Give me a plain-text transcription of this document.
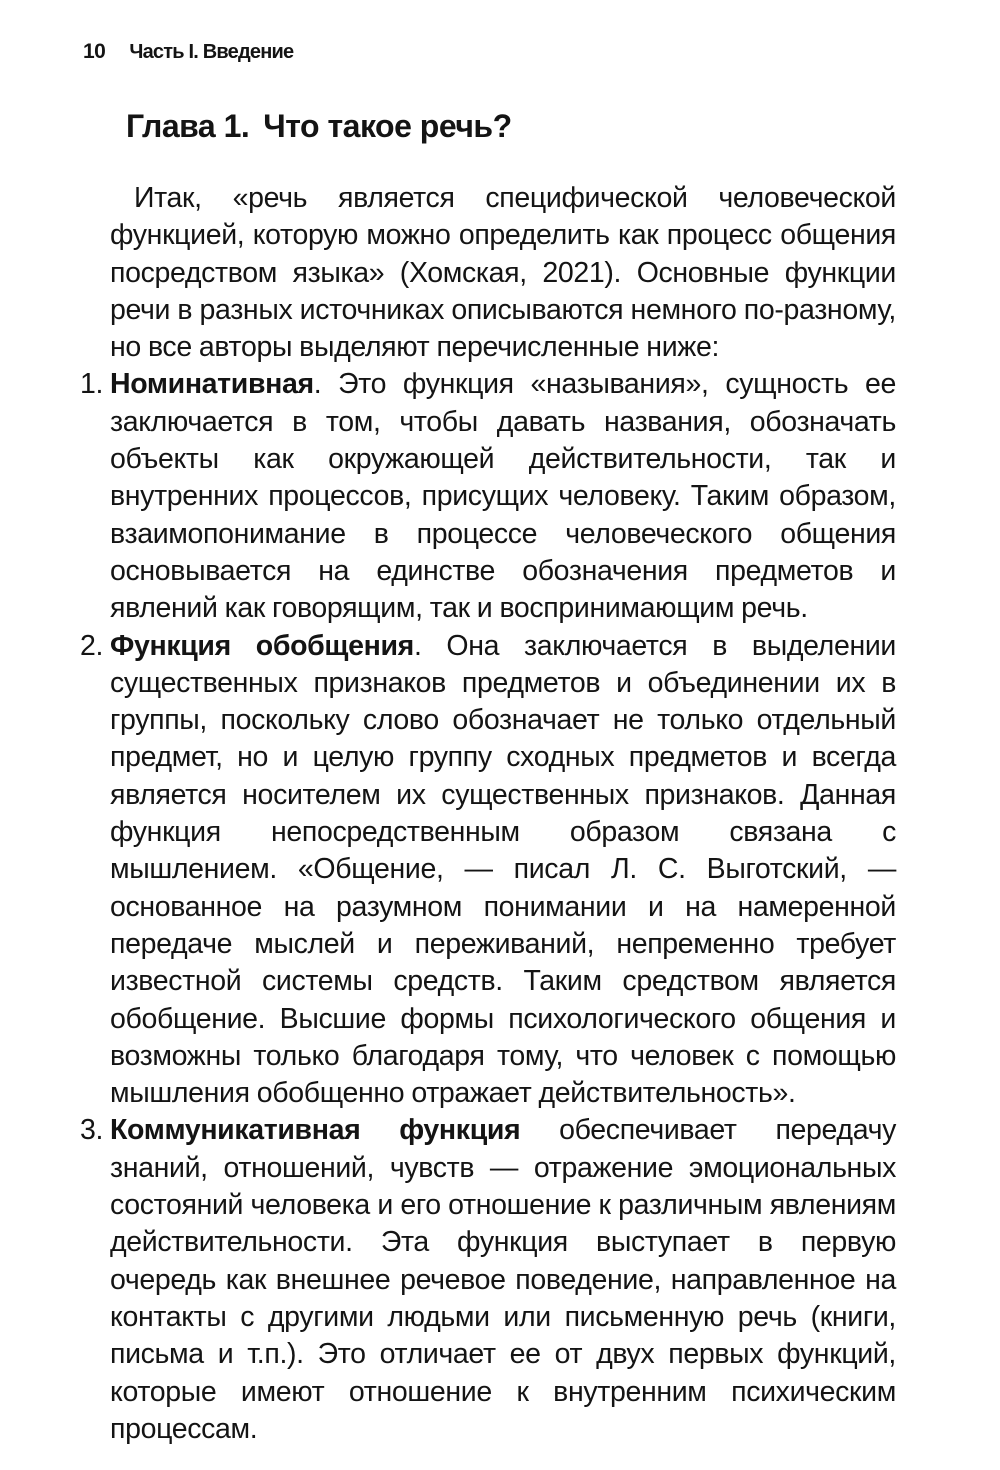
10 Часть I. Введение
Глава 1. Что такое речь?

Итак, «речь является специфической человеческой функцией, которую можно определить как процесс общения посредством языка» (Хомская, 2021). Основные функции речи в разных источниках описываются немного по-разному, но все авторы выделяют перечисленные ниже:

1. Номинативная. Это функция «называния», сущность ее заключается в том, чтобы давать названия, обозначать объекты как окружающей действительности, так и внутренних процессов, присущих человеку. Таким образом, взаимопонимание в процессе человеческого общения основывается на единстве обозначения предметов и явлений как говорящим, так и воспринимающим речь.
2. Функция обобщения. Она заключается в выделении существенных признаков предметов и объединении их в группы, поскольку слово обозначает не только отдельный предмет, но и целую группу сходных предметов и всегда является носителем их существенных признаков. Данная функция непосредственным образом связана с мышлением. «Общение, — писал Л. С. Выготский, — основанное на разумном понимании и на намеренной передаче мыслей и переживаний, непременно требует известной системы средств. Таким средством является обобщение. Высшие формы психологического общения и возможны только благодаря тому, что человек с помощью мышления обобщенно отражает действительность».
3. Коммуникативная функция обеспечивает передачу знаний, отношений, чувств — отражение эмоциональных состояний человека и его отношение к различным явлениям действительности. Эта функция выступает в первую очередь как внешнее речевое поведение, направленное на контакты с другими людьми или письменную речь (книги, письма и т.п.). Это отличает ее от двух первых функций, которые имеют отношение к внутренним психическим процессам.
